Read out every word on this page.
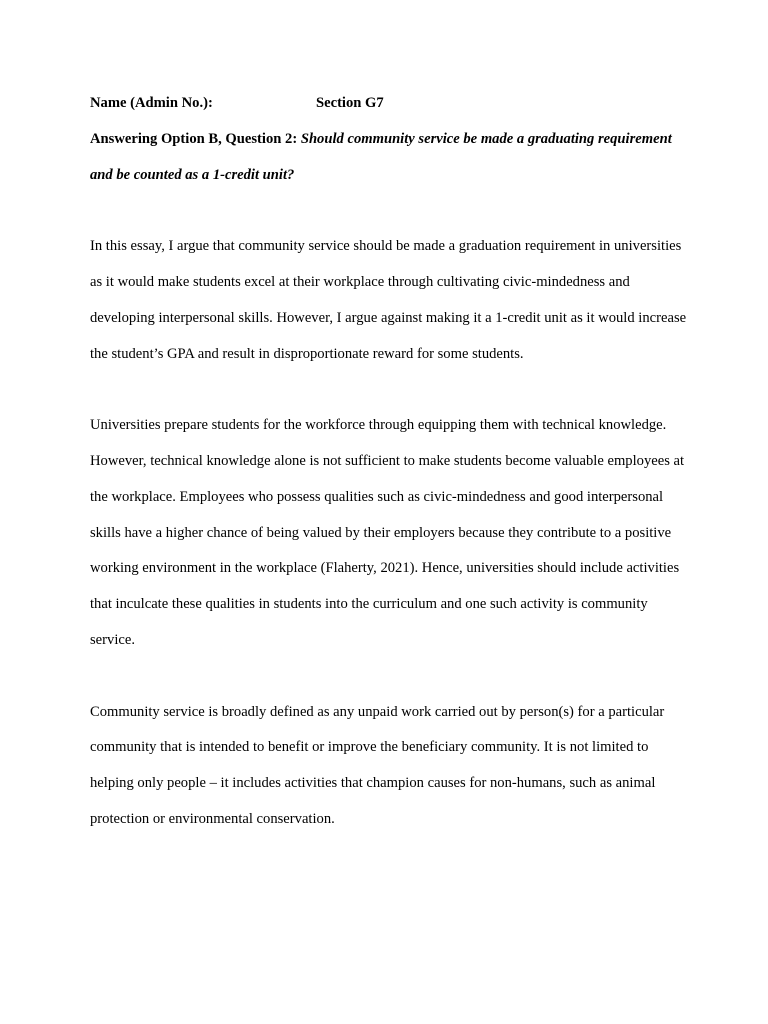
Name (Admin No.):	Section G7

Answering Option B, Question 2: Should community service be made a graduating requirement and be counted as a 1-credit unit?

In this essay, I argue that community service should be made a graduation requirement in universities as it would make students excel at their workplace through cultivating civic-mindedness and developing interpersonal skills. However, I argue against making it a 1-credit unit as it would increase the student’s GPA and result in disproportionate reward for some students.

Universities prepare students for the workforce through equipping them with technical knowledge. However, technical knowledge alone is not sufficient to make students become valuable employees at the workplace. Employees who possess qualities such as civic-mindedness and good interpersonal skills have a higher chance of being valued by their employers because they contribute to a positive working environment in the workplace (Flaherty, 2021). Hence, universities should include activities that inculcate these qualities in students into the curriculum and one such activity is community service.

Community service is broadly defined as any unpaid work carried out by person(s) for a particular community that is intended to benefit or improve the beneficiary community. It is not limited to helping only people – it includes activities that champion causes for non-humans, such as animal protection or environmental conservation.
